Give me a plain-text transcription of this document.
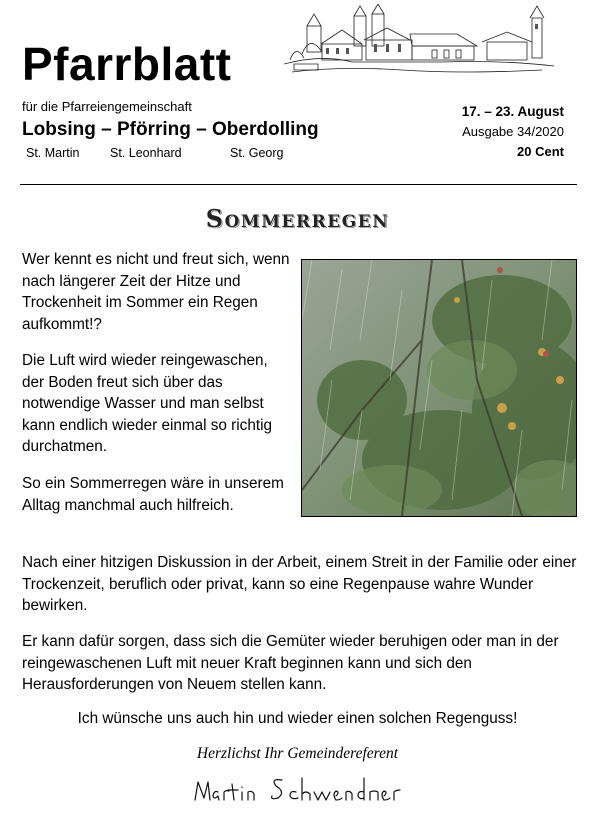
Pfarrblatt
für die Pfarreiengemeinschaft
Lobsing – Pförring – Oberdolling
St. Martin St. Leonhard	St. Georg
17. – 23. August
Ausgabe 34/2020
20 Cent
Sommerregen
Wer kennt es nicht und freut sich, wenn nach längerer Zeit der Hitze und Trockenheit im Sommer ein Regen aufkommt!?
Die Luft wird wieder reingewaschen, der Boden freut sich über das notwendige Wasser und man selbst kann endlich wieder einmal so richtig durchatmen.
So ein Sommerregen wäre in unserem Alltag manchmal auch hilfreich.
Nach einer hitzigen Diskussion in der Arbeit, einem Streit in der Familie oder einer Trockenzeit, beruflich oder privat, kann so eine Regenpause wahre Wunder bewirken.
Er kann dafür sorgen, dass sich die Gemüter wieder beruhigen oder man in der reingewaschenen Luft mit neuer Kraft beginnen kann und sich den Herausforderungen von Neuem stellen kann.
Ich wünsche uns auch hin und wieder einen solchen Regenguss!
Herzlichst Ihr Gemeindereferent
